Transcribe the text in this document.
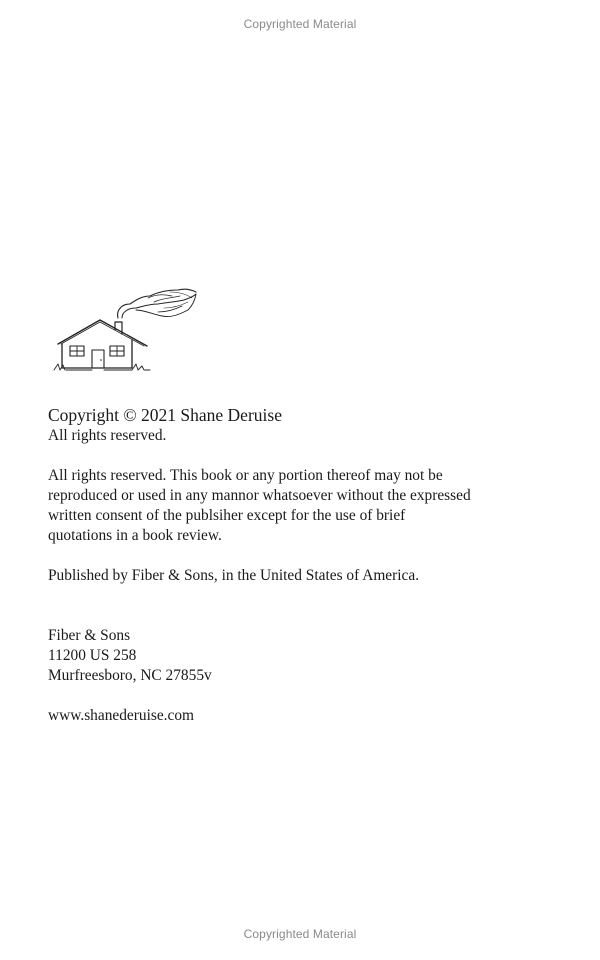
Copyrighted Material

Copyright © 2021 Shane Deruise

All rights reserved.

All rights reserved. This book or any portion thereof may not be

reproduced or used in any mannor whatsoever without the expressed

written consent of the publsiher except for the use of brief

quotations in a book review.

Published by Fiber & Sons, in the United States of America.

Fiber & Sons

11200 US 258

Murfreesboro, NC 27855v

www.shanederuise.com

Copyrighted Material
